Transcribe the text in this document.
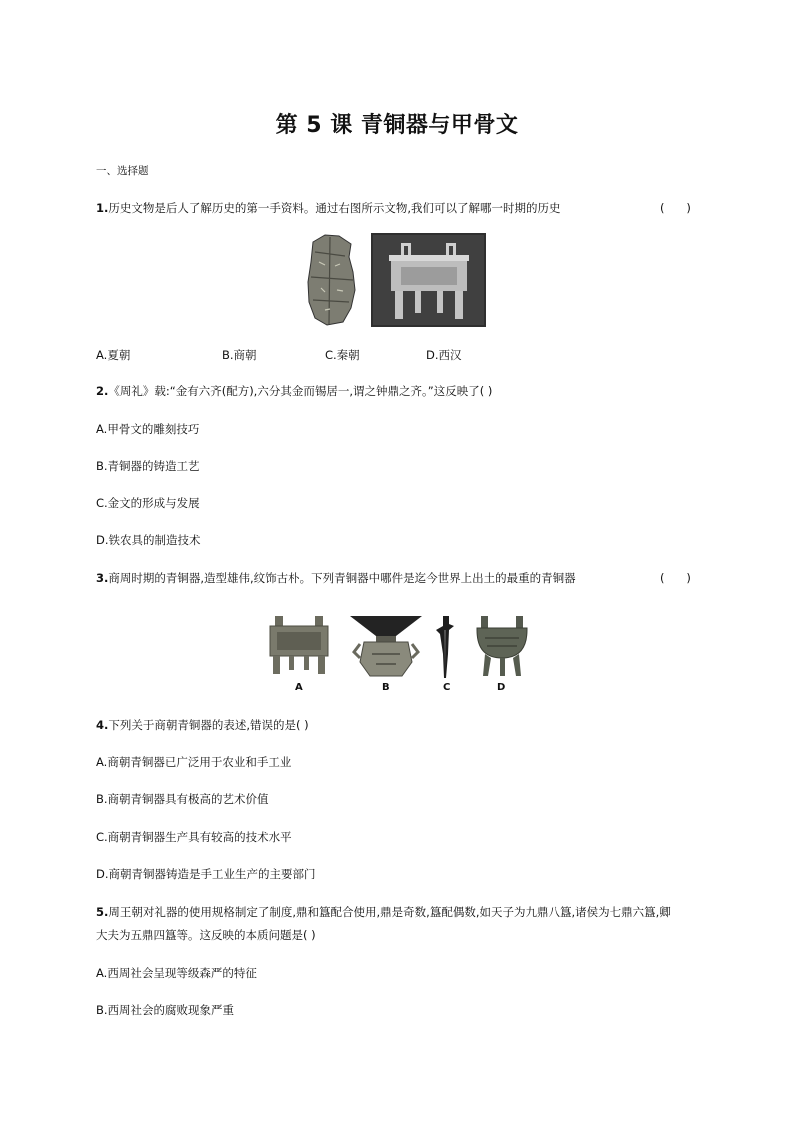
第 5 课 青铜器与甲骨文
一、选择题
1.历史文物是后人了解历史的第一手资料。通过右图所示文物,我们可以了解哪一时期的历史	(      )
A.夏朝	B.商朝	C.秦朝	D.西汉
2.《周礼》载:“金有六齐(配方),六分其金而锡居一,谓之钟鼎之齐。”这反映了( )
A.甲骨文的雕刻技巧
B.青铜器的铸造工艺
C.金文的形成与发展
D.铁农具的制造技术
3.商周时期的青铜器,造型雄伟,纹饰古朴。下列青铜器中哪件是迄今世界上出土的最重的青铜器	(      )
A	B	C	D
4.下列关于商朝青铜器的表述,错误的是( )
A.商朝青铜器已广泛用于农业和手工业
B.商朝青铜器具有极高的艺术价值
C.商朝青铜器生产具有较高的技术水平
D.商朝青铜器铸造是手工业生产的主要部门
5.周王朝对礼器的使用规格制定了制度,鼎和簋配合使用,鼎是奇数,簋配偶数,如天子为九鼎八簋,诸侯为七鼎六簋,卿
大夫为五鼎四簋等。这反映的本质问题是( )
A.西周社会呈现等级森严的特征
B.西周社会的腐败现象严重
